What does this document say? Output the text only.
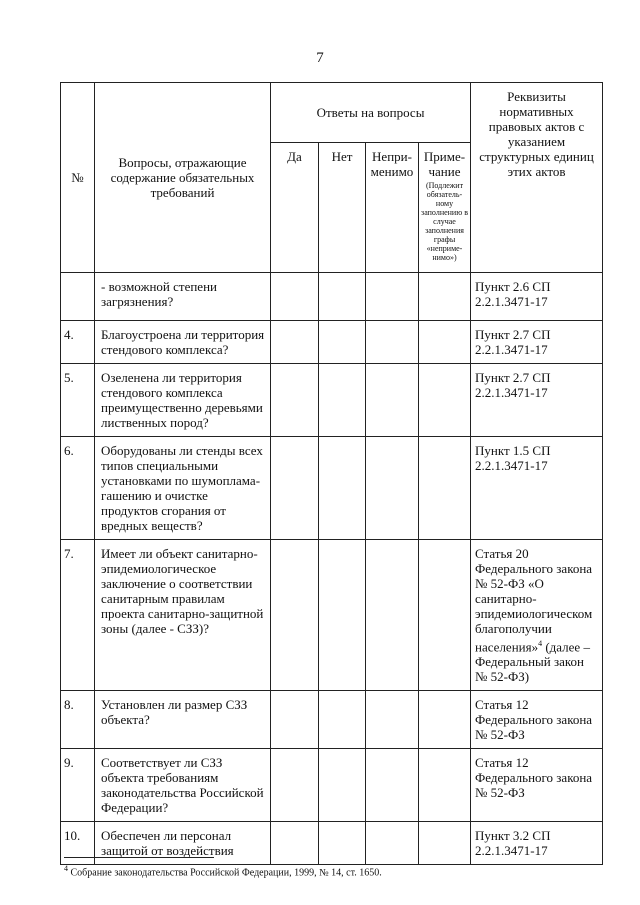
7
№	Вопросы, отражающие содержание обязательных требований	Ответы на вопросы				Реквизиты нормативных правовых актов с указанием структурных единиц этих актов
		Да	Нет	Непри-менимо	Приме-чание
(Подлежит обязатель-ному заполнению в случае заполнения графы «неприме-нимо»)	

	- возможной степени загрязнения?					Пункт 2.6 СП 2.2.1.3471-17
4.	Благоустроена ли территория стендового комплекса?					Пункт 2.7 СП 2.2.1.3471-17
5.	Озеленена ли территория стендового комплекса преимущественно деревьями лиственных пород?					Пункт 2.7 СП 2.2.1.3471-17
6.	Оборудованы ли стенды всех типов специальными установками по шумопламагашению и очистке продуктов сгорания от вредных веществ?					Пункт 1.5 СП 2.2.1.3471-17
7.	Имеет ли объект санитарно-эпидемиологическое заключение о соответствии санитарным правилам проекта санитарно-защитной зоны (далее - СЗЗ)?					Статья 20 Федерального закона № 52-ФЗ «О санитарно-эпидемиологическом благополучии населения»$^4$ (далее – Федеральный закон № 52-ФЗ)
8.	Установлен ли размер СЗЗ объекта?					Статья 12 Федерального закона № 52-ФЗ
9.	Соответствует ли СЗЗ объекта требованиям законодательства Российской Федерации?					Статья 12 Федерального закона № 52-ФЗ
10.	Обеспечен ли персонал защитой от воздействия					Пункт 3.2 СП 2.2.1.3471-17
$^4$ Собрание законодательства Российской Федерации, 1999, № 14, ст. 1650.
